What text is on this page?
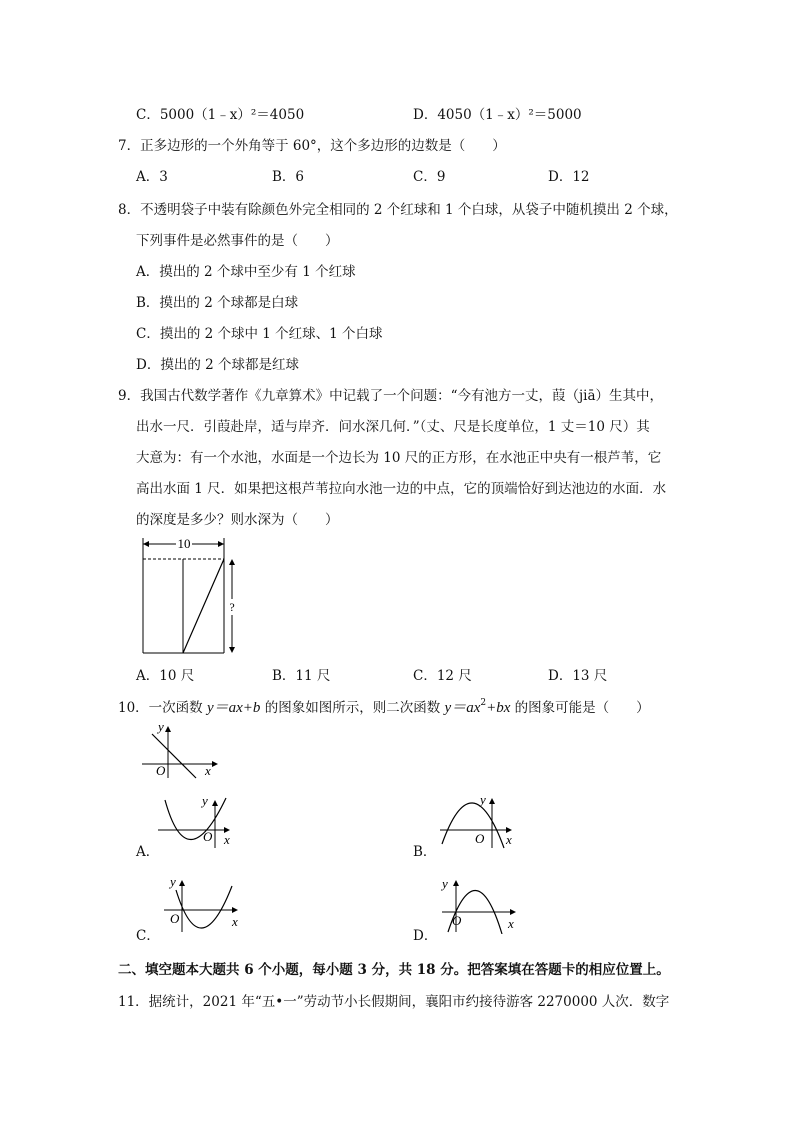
C．5000（1﹣x）²＝4050	D．4050（1﹣x）²＝5000
7．正多边形的一个外角等于 60°，这个多边形的边数是（　　）
A．3	B．6	C．9	D．12
8．不透明袋子中装有除颜色外完全相同的 2 个红球和 1 个白球，从袋子中随机摸出 2 个球，
下列事件是必然事件的是（　　）
A．摸出的 2 个球中至少有 1 个红球
B．摸出的 2 个球都是白球
C．摸出的 2 个球中 1 个红球、1 个白球
D．摸出的 2 个球都是红球
9．我国古代数学著作《九章算术》中记载了一个问题：“今有池方一丈，葭（jiā）生其中，
出水一尺．引葭赴岸，适与岸齐．问水深几何．”（丈、尺是长度单位，1 丈＝10 尺）其
大意为：有一个水池，水面是一个边长为 10 尺的正方形，在水池正中央有一根芦苇，它
高出水面 1 尺．如果把这根芦苇拉向水池一边的中点，它的顶端恰好到达池边的水面．水
的深度是多少？则水深为（　　）
10
?
A．10 尺	B．11 尺	C．12 尺	D．13 尺
10．一次函数 y＝ax+b 的图象如图所示，则二次函数 $y=ax^2+bx$ 的图象可能是（　　）
y
x
O
A．
y
x
O
B．
y
x
O
C．
y
x
O
D．
y
x
O
二、填空题本大题共 6 个小题，每小题 3 分，共 18 分。把答案填在答题卡的相应位置上。
11．据统计，2021 年“五•一”劳动节小长假期间，襄阳市约接待游客 2270000 人次．数字
